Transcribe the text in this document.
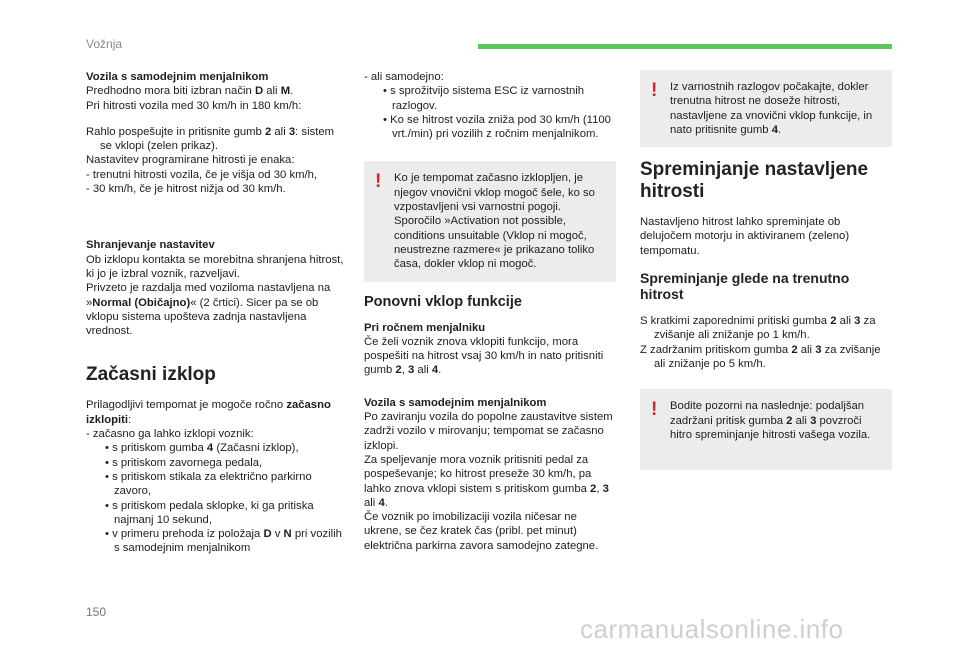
Vožnja
Vozila s samodejnim menjalnikom
Predhodno mora biti izbran način D ali M.
Pri hitrosti vozila med 30 km/h in 180 km/h:
Rahlo pospešujte in pritisnite gumb 2 ali 3: sistem se vklopi (zelen prikaz).
Nastavitev programirane hitrosti je enaka:
- trenutni hitrosti vozila, če je višja od 30 km/h,
- 30 km/h, če je hitrost nižja od 30 km/h.
Shranjevanje nastavitev
Ob izklopu kontakta se morebitna shranjena hitrost, ki jo je izbral voznik, razveljavi.
Privzeto je razdalja med voziloma nastavljena na »Normal (Običajno)« (2 črtici). Sicer pa se ob vklopu sistema upošteva zadnja nastavljena vrednost.
Začasni izklop
Prilagodljivi tempomat je mogoče ročno začasno izklopiti:
- začasno ga lahko izklopi voznik:
• s pritiskom gumba 4 (Začasni izklop),
• s pritiskom zavornega pedala,
• s pritiskom stikala za električno parkirno zavoro,
• s pritiskom pedala sklopke, ki ga pritiska najmanj 10 sekund,
• v primeru prehoda iz položaja D v N pri vozilih s samodejnim menjalnikom
- ali samodejno:
• s sprožitvijo sistema ESC iz varnostnih razlogov.
• Ko se hitrost vozila zniža pod 30 km/h (1100 vrt./min) pri vozilih z ročnim menjalnikom.
! Ko je tempomat začasno izklopljen, je njegov vnovični vklop mogoč šele, ko so vzpostavljeni vsi varnostni pogoji. Sporočilo »Activation not possible, conditions unsuitable (Vklop ni mogoč, neustrezne razmere« je prikazano toliko časa, dokler vklop ni mogoč.
Ponovni vklop funkcije
Pri ročnem menjalniku
Če želi voznik znova vklopiti funkcijo, mora pospešiti na hitrost vsaj 30 km/h in nato pritisniti gumb 2, 3 ali 4.
Vozila s samodejnim menjalnikom
Po zaviranju vozila do popolne zaustavitve sistem zadrži vozilo v mirovanju; tempomat se začasno izklopi.
Za speljevanje mora voznik pritisniti pedal za pospeševanje; ko hitrost preseže 30 km/h, pa lahko znova vklopi sistem s pritiskom gumba 2, 3 ali 4.
Če voznik po imobilizaciji vozila ničesar ne ukrene, se čez kratek čas (pribl. pet minut) električna parkirna zavora samodejno zategne.
! Iz varnostnih razlogov počakajte, dokler trenutna hitrost ne doseže hitrosti, nastavljene za vnovični vklop funkcije, in nato pritisnite gumb 4.
Spreminjanje nastavljene hitrosti
Nastavljeno hitrost lahko spreminjate ob delujočem motorju in aktiviranem (zeleno) tempomatu.
Spreminjanje glede na trenutno hitrost
S kratkimi zaporednimi pritiski gumba 2 ali 3 za zvišanje ali znižanje po 1 km/h.
Z zadržanim pritiskom gumba 2 ali 3 za zvišanje ali znižanje po 5 km/h.
! Bodite pozorni na naslednje: podaljšan zadržani pritisk gumba 2 ali 3 povzroči hitro spreminjanje hitrosti vašega vozila.
150
carmanualsonline.info
